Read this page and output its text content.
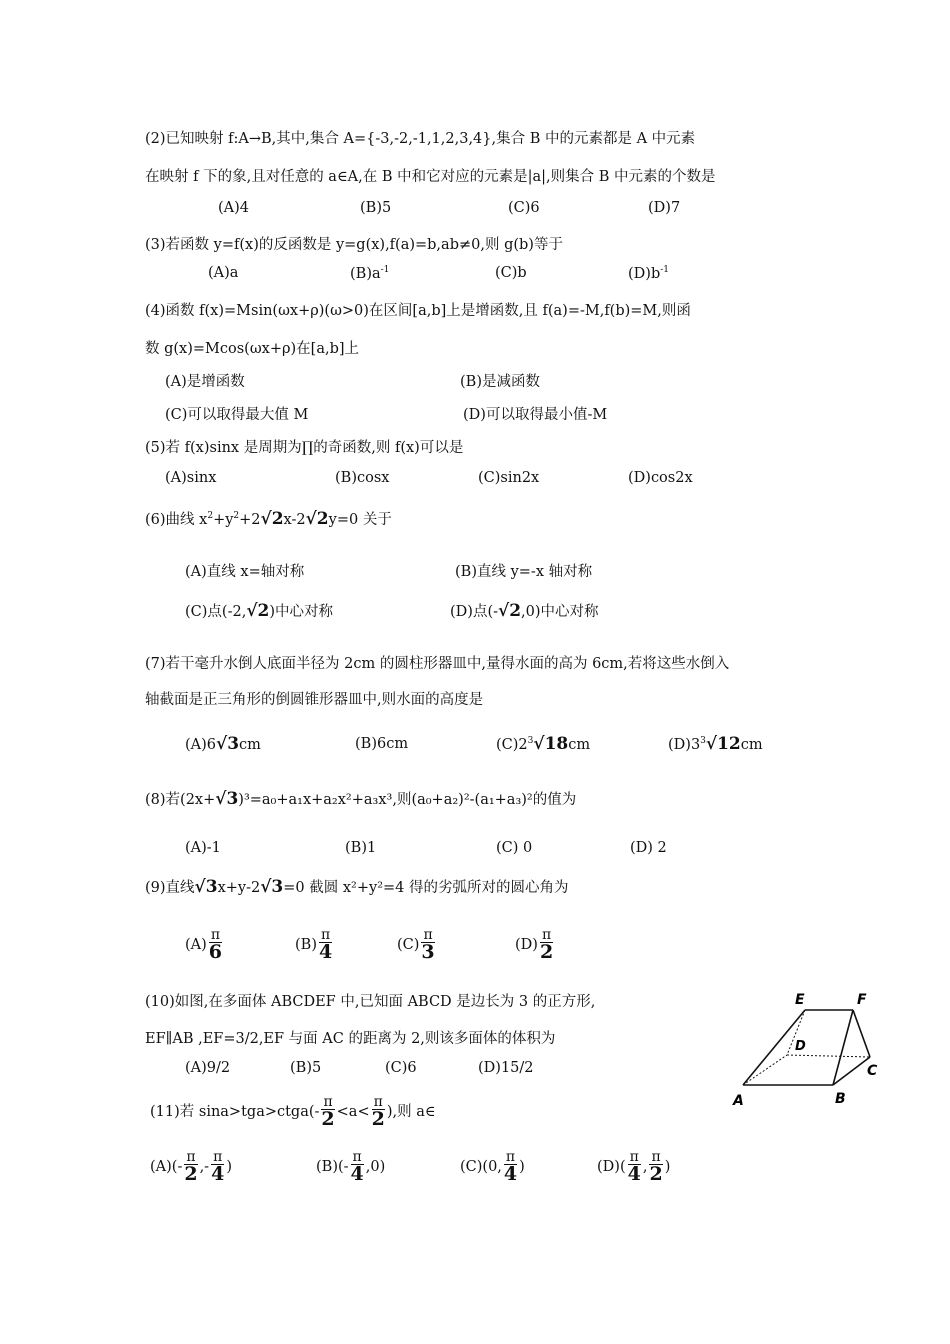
(2)已知映射 f:A→B,其中,集合 A={-3,-2,-1,1,2,3,4},集合 B 中的元素都是 A 中元素
在映射 f 下的象,且对任意的 a∈A,在 B 中和它对应的元素是|a|,则集合 B 中元素的个数是
(A)4	(B)5	(C)6	(D)7
(3)若函数 y=f(x)的反函数是 y=g(x),f(a)=b,ab≠0,则 g(b)等于
(A)a	$(B)a^{-1}$	(C)b	$(D)b^{-1}$
(4)函数 f(x)=Msin(ωx+ρ)(ω>0)在区间[a,b]上是增函数,且 f(a)=-M,f(b)=M,则函
数 g(x)=Mcos(ωx+ρ)在[a,b]上
(A)是增函数	(B)是减函数
(C)可以取得最大值 M	(D)可以取得最小值-M
(5)若 f(x)sinx 是周期为∏的奇函数,则 f(x)可以是
(A)sinx	(B)cosx	(C)sin2x	(D)cos2x
(6)曲线 $x^2+y^2+2√2x-2√2y=0$ 关于
(A)直线 x=轴对称	(B)直线 y=-x 轴对称
(C)点(-2,√2)中心对称	(D)点(-√2,0)中心对称
(7)若干毫升水倒人底面半径为 2cm 的圆柱形器皿中,量得水面的高为 6cm,若将这些水倒入
轴截面是正三角形的倒圆锥形器皿中,则水面的高度是
(A)6√3cm	(B)6cm	$(C)2^3√18cm$	$(D)3^3√12cm$
(8)若(2x+√3)³=a₀+a₁x+a₂x²+a₃x³,则(a₀+a₂)²-(a₁+a₃)²的值为
(A)-1	(B)1	(C) 0	(D) 2
(9)直线√3x+y-2√3=0 截圆 x²+y²=4 得的劣弧所对的圆心角为
$(A) \frac{\pi}{6}$	$(B) \frac{\pi}{4}$	$(C) \frac{\pi}{3}$	$(D) \frac{\pi}{2}$
(10)如图,在多面体 ABCDEF 中,已知面 ABCD 是边长为 3 的正方形,
EF∥AB ,EF=3/2,EF 与面 AC 的距离为 2,则该多面体的体积为
(A)9/2	(B)5	(C)6	(D)15/2
E	F
D
C
A	B
(11)若 sina>tga>ctga(- $\frac{\pi}{2} <a< \frac{\pi}{2}$ ),则 a∈
$(A)(- \frac{\pi}{2}$ ,- $\frac{\pi}{4}$ )	$(B)(- \frac{\pi}{4} ,0)$	(C)(0, $\frac{\pi}{4}$ )	$(D)( \frac{\pi}{4}$ , $\frac{\pi}{2}$ )
